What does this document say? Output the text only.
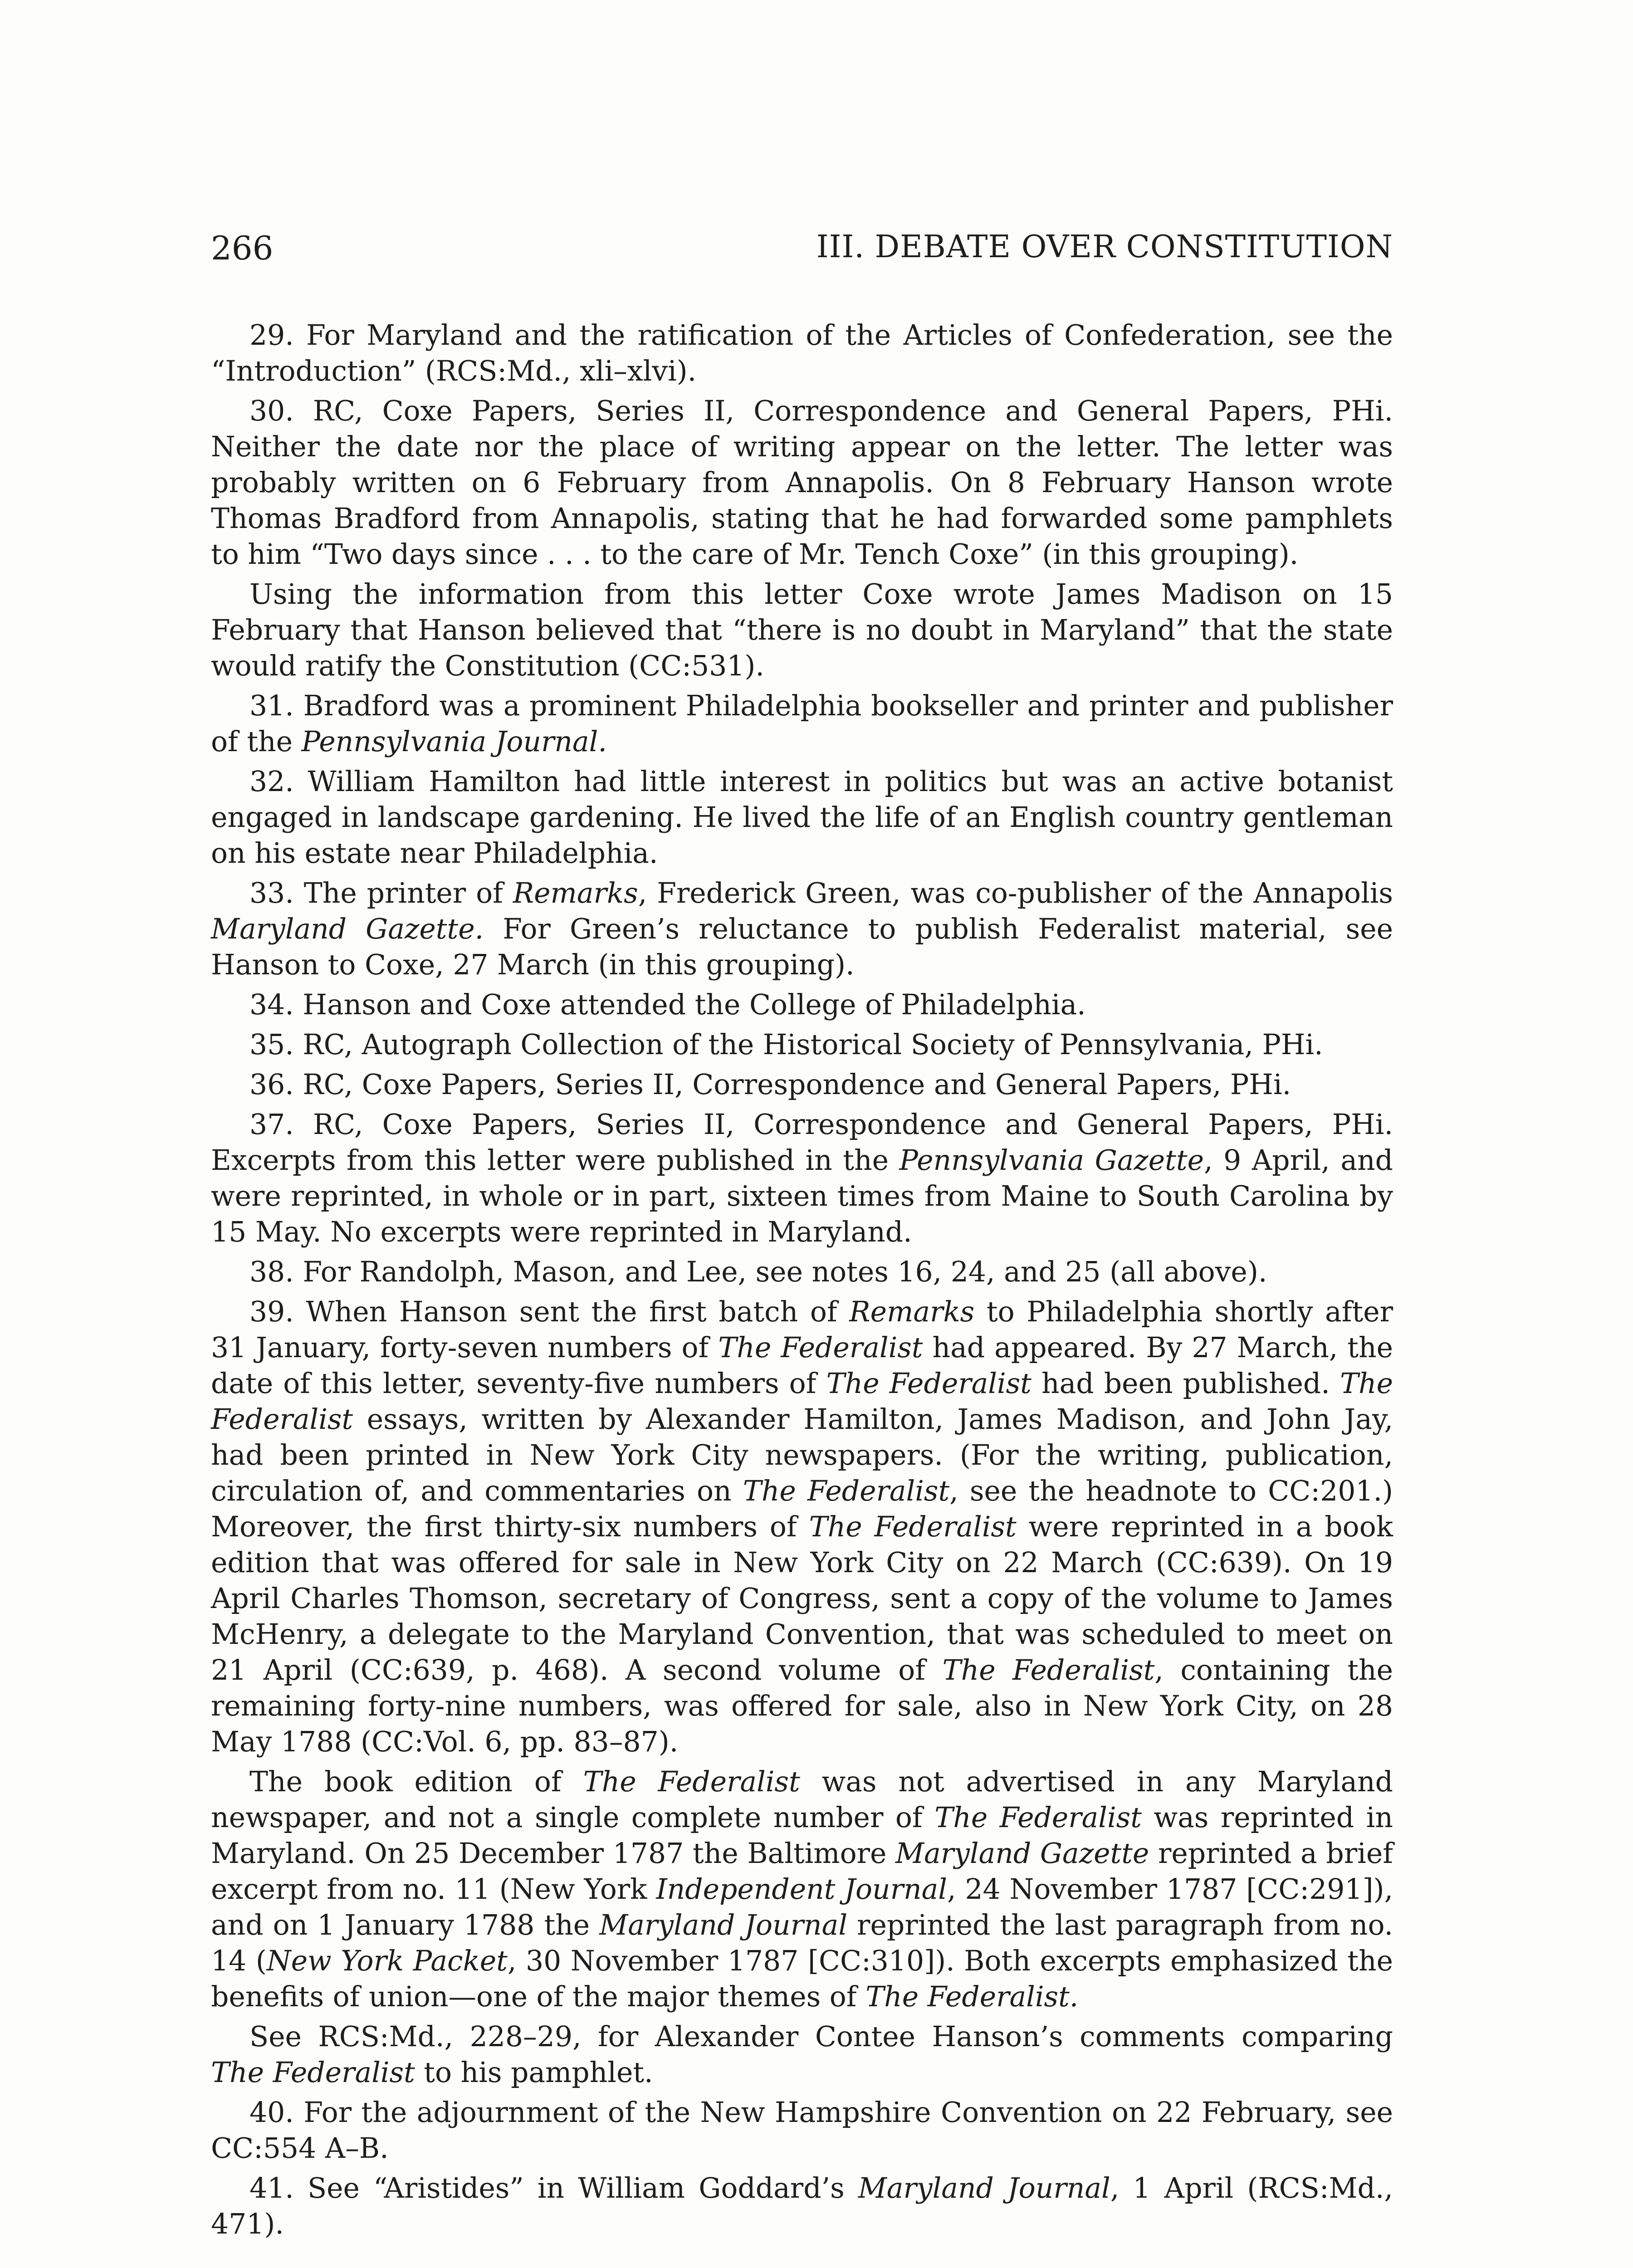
266	III. DEBATE OVER CONSTITUTION

29. For Maryland and the ratification of the Articles of Confederation, see the “Introduction” (RCS:Md., xli–xlvi).

30. RC, Coxe Papers, Series II, Correspondence and General Papers, PHi. Neither the date nor the place of writing appear on the letter. The letter was probably written on 6 February from Annapolis. On 8 February Hanson wrote Thomas Bradford from Annapolis, stating that he had forwarded some pamphlets to him “Two days since . . . to the care of Mr. Tench Coxe” (in this grouping).

Using the information from this letter Coxe wrote James Madison on 15 February that Hanson believed that “there is no doubt in Maryland” that the state would ratify the Constitution (CC:531).

31. Bradford was a prominent Philadelphia bookseller and printer and publisher of the Pennsylvania Journal.

32. William Hamilton had little interest in politics but was an active botanist engaged in landscape gardening. He lived the life of an English country gentleman on his estate near Philadelphia.

33. The printer of Remarks, Frederick Green, was co-publisher of the Annapolis Maryland Gazette. For Green’s reluctance to publish Federalist material, see Hanson to Coxe, 27 March (in this grouping).

34. Hanson and Coxe attended the College of Philadelphia.

35. RC, Autograph Collection of the Historical Society of Pennsylvania, PHi.

36. RC, Coxe Papers, Series II, Correspondence and General Papers, PHi.

37. RC, Coxe Papers, Series II, Correspondence and General Papers, PHi. Excerpts from this letter were published in the Pennsylvania Gazette, 9 April, and were reprinted, in whole or in part, sixteen times from Maine to South Carolina by 15 May. No excerpts were reprinted in Maryland.

38. For Randolph, Mason, and Lee, see notes 16, 24, and 25 (all above).

39. When Hanson sent the first batch of Remarks to Philadelphia shortly after 31 January, forty-seven numbers of The Federalist had appeared. By 27 March, the date of this letter, seventy-five numbers of The Federalist had been published. The Federalist essays, written by Alexander Hamilton, James Madison, and John Jay, had been printed in New York City newspapers. (For the writing, publication, circulation of, and commentaries on The Federalist, see the headnote to CC:201.) Moreover, the first thirty-six numbers of The Federalist were reprinted in a book edition that was offered for sale in New York City on 22 March (CC:639). On 19 April Charles Thomson, secretary of Congress, sent a copy of the volume to James McHenry, a delegate to the Maryland Convention, that was scheduled to meet on 21 April (CC:639, p. 468). A second volume of The Federalist, containing the remaining forty-nine numbers, was offered for sale, also in New York City, on 28 May 1788 (CC:Vol. 6, pp. 83–87).

The book edition of The Federalist was not advertised in any Maryland newspaper, and not a single complete number of The Federalist was reprinted in Maryland. On 25 December 1787 the Baltimore Maryland Gazette reprinted a brief excerpt from no. 11 (New York Independent Journal, 24 November 1787 [CC:291]), and on 1 January 1788 the Maryland Journal reprinted the last paragraph from no. 14 (New York Packet, 30 November 1787 [CC:310]). Both excerpts emphasized the benefits of union—one of the major themes of The Federalist.

See RCS:Md., 228–29, for Alexander Contee Hanson’s comments comparing The Federalist to his pamphlet.

40. For the adjournment of the New Hampshire Convention on 22 February, see CC:554 A–B.

41. See “Aristides” in William Goddard’s Maryland Journal, 1 April (RCS:Md., 471).
